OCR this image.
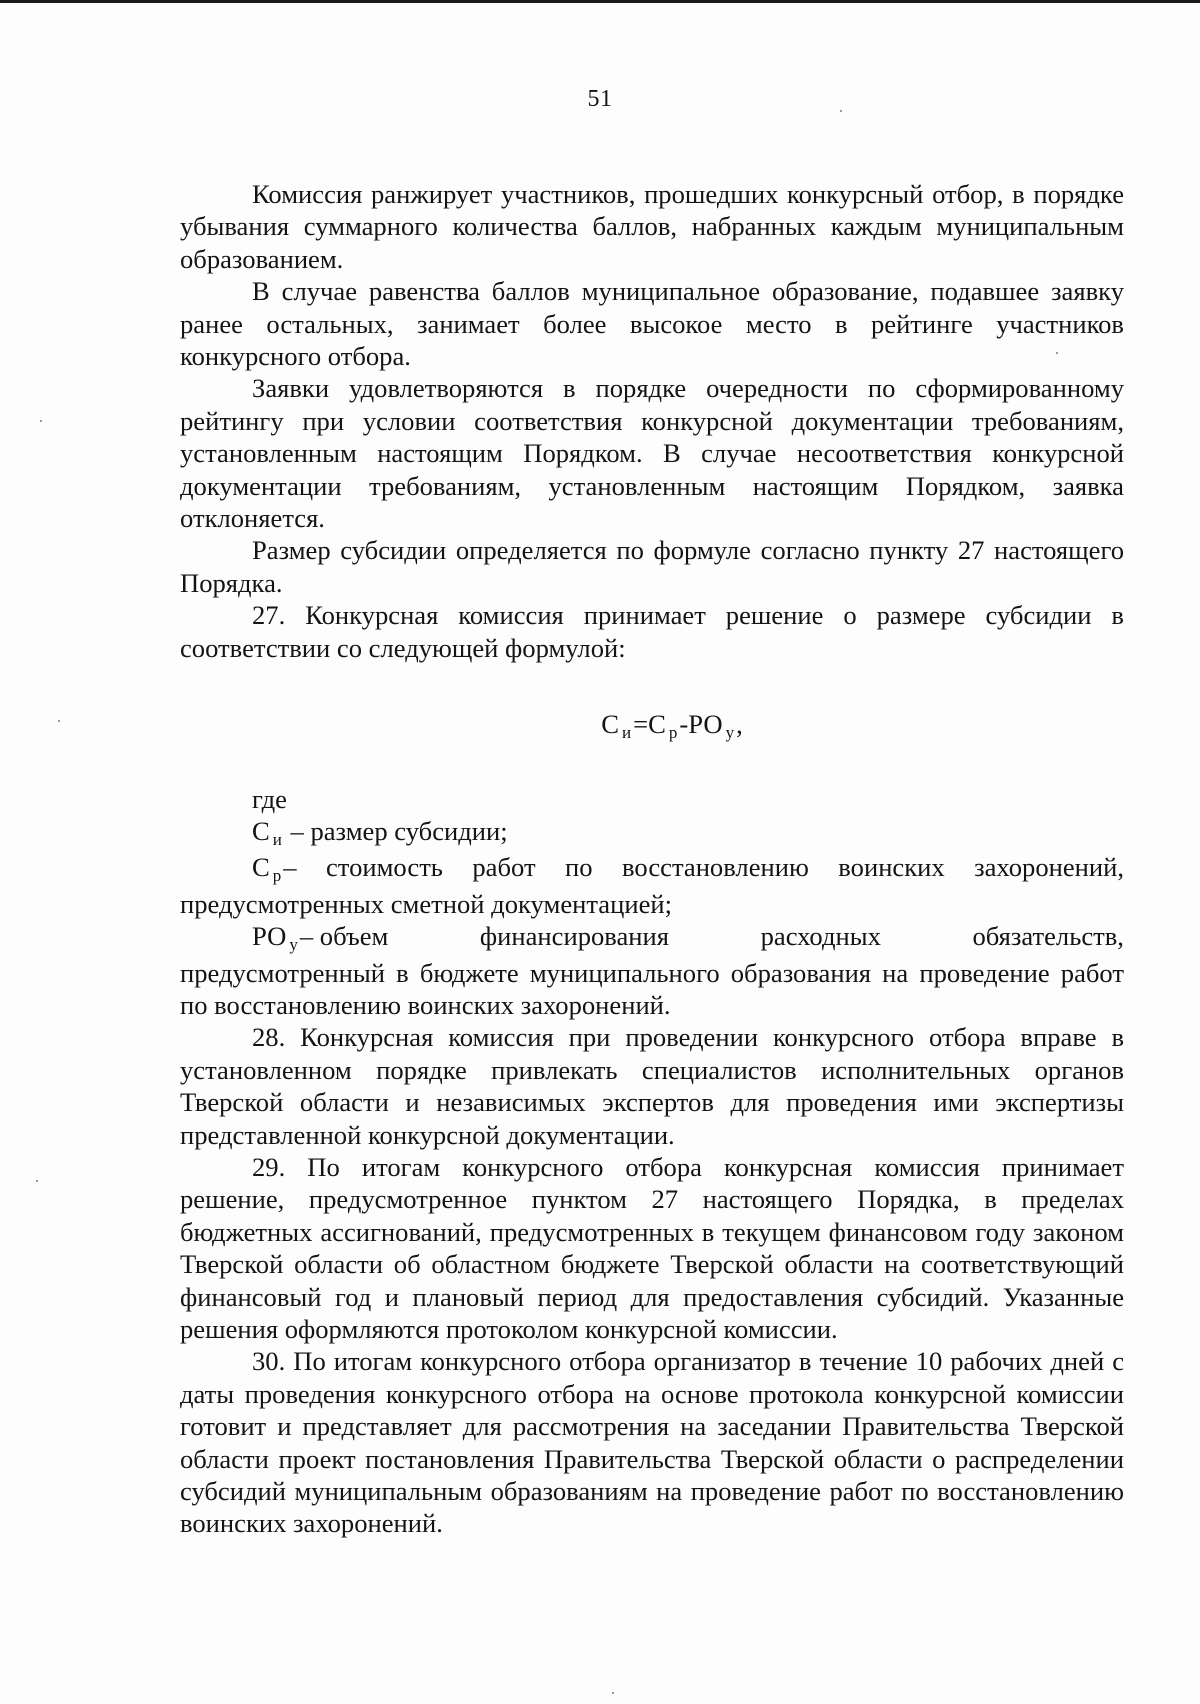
51

Комиссия ранжирует участников, прошедших конкурсный отбор, в порядке убывания суммарного количества баллов, набранных каждым муниципальным образованием.

В случае равенства баллов муниципальное образование, подавшее заявку ранее остальных, занимает более высокое место в рейтинге участников конкурсного отбора.

Заявки удовлетворяются в порядке очередности по сформированному рейтингу при условии соответствия конкурсной документации требованиям, установленным настоящим Порядком. В случае несоответствия конкурсной документации требованиям, установленным настоящим Порядком, заявка отклоняется.

Размер субсидии определяется по формуле согласно пункту 27 настоящего Порядка.

27. Конкурсная комиссия принимает решение о размере субсидии в соответствии со следующей формулой:

Си=С р-РО у,

где

Си – размер субсидии;

Ср– стоимость работ по восстановлению воинских захоронений, предусмотренных сметной документацией;

РО у– объем	финансирования	расходных	обязательств,

предусмотренный в бюджете муниципального образования на проведение работ по восстановлению воинских захоронений.

28. Конкурсная комиссия при проведении конкурсного отбора вправе в установленном порядке привлекать специалистов исполнительных органов Тверской области и независимых экспертов для проведения ими экспертизы представленной конкурсной документации.

29. По итогам конкурсного отбора конкурсная комиссия принимает решение, предусмотренное пунктом 27 настоящего Порядка, в пределах бюджетных ассигнований, предусмотренных в текущем финансовом году законом Тверской области об областном бюджете Тверской области на соответствующий финансовый год и плановый период для предоставления субсидий. Указанные решения оформляются протоколом конкурсной комиссии.

30. По итогам конкурсного отбора организатор в течение 10 рабочих дней с даты проведения конкурсного отбора на основе протокола конкурсной комиссии готовит и представляет для рассмотрения на заседании Правительства Тверской области проект постановления Правительства Тверской области о распределении субсидий муниципальным образованиям на проведение работ по восстановлению воинских захоронений.
